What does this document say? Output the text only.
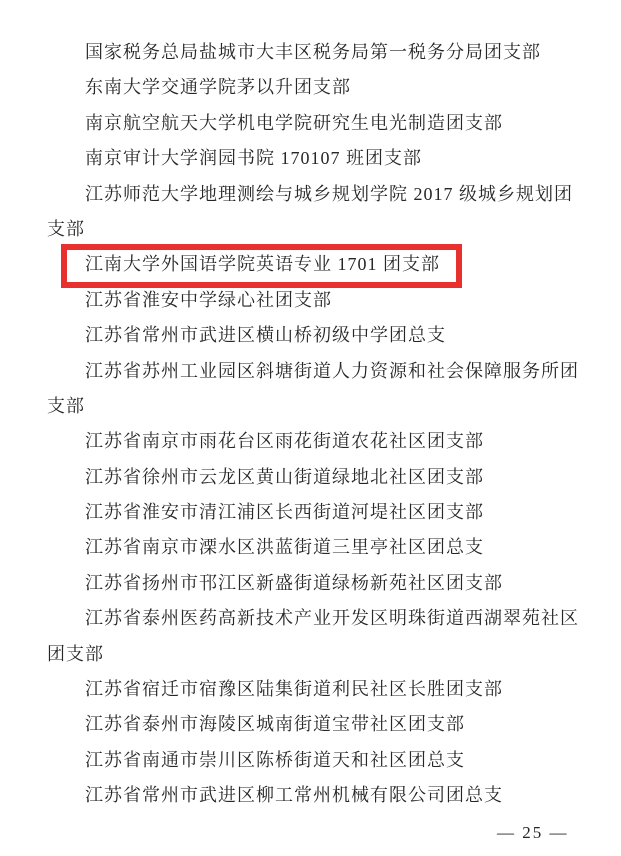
国家税务总局盐城市大丰区税务局第一税务分局团支部
东南大学交通学院茅以升团支部
南京航空航天大学机电学院研究生电光制造团支部
南京审计大学润园书院 170107 班团支部
江苏师范大学地理测绘与城乡规划学院 2017 级城乡规划团
支部
江南大学外国语学院英语专业 1701 团支部
江苏省淮安中学绿心社团支部
江苏省常州市武进区横山桥初级中学团总支
江苏省苏州工业园区斜塘街道人力资源和社会保障服务所团
支部
江苏省南京市雨花台区雨花街道农花社区团支部
江苏省徐州市云龙区黄山街道绿地北社区团支部
江苏省淮安市清江浦区长西街道河堤社区团支部
江苏省南京市溧水区洪蓝街道三里亭社区团总支
江苏省扬州市邗江区新盛街道绿杨新苑社区团支部
江苏省泰州医药高新技术产业开发区明珠街道西湖翠苑社区
团支部
江苏省宿迁市宿豫区陆集街道利民社区长胜团支部
江苏省泰州市海陵区城南街道宝带社区团支部
江苏省南通市崇川区陈桥街道天和社区团总支
江苏省常州市武进区柳工常州机械有限公司团总支
— 25 —
